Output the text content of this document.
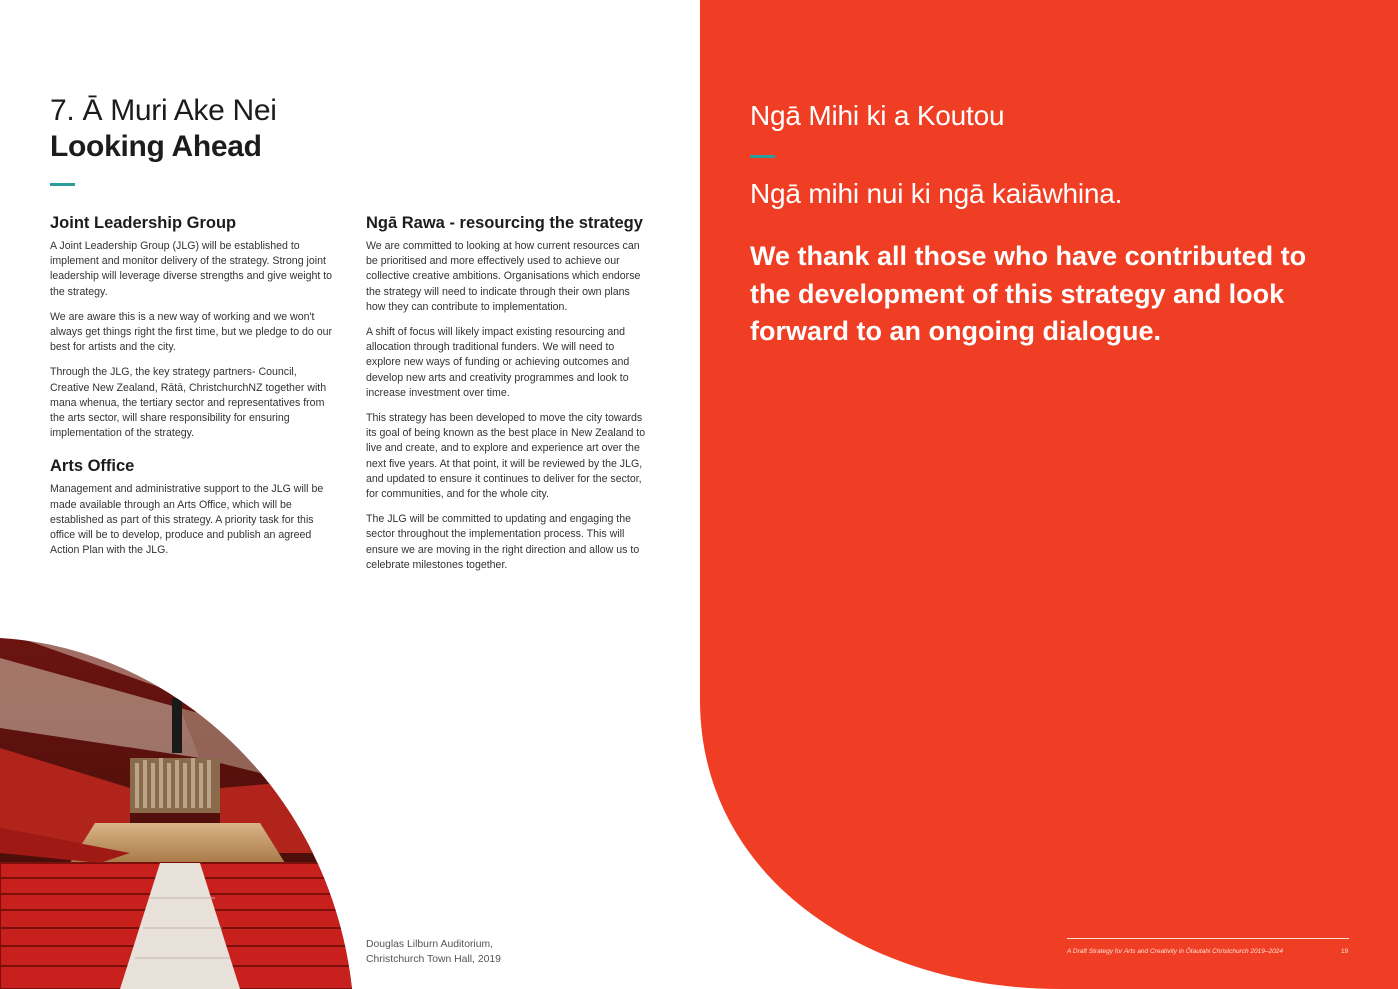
7. Ā Muri Ake Nei
Looking Ahead
Joint Leadership Group

A Joint Leadership Group (JLG) will be established to implement and monitor delivery of the strategy. Strong joint leadership will leverage diverse strengths and give weight to the strategy.

We are aware this is a new way of working and we won't always get things right the first time, but we pledge to do our best for artists and the city.

Through the JLG, the key strategy partners- Council, Creative New Zealand, Rātā, ChristchurchNZ together with mana whenua, the tertiary sector and representatives from the arts sector, will share responsibility for ensuring implementation of the strategy.

Arts Office

Management and administrative support to the JLG will be made available through an Arts Office, which will be established as part of this strategy. A priority task for this office will be to develop, produce and publish an agreed Action Plan with the JLG.

Ngā Rawa - resourcing the strategy

We are committed to looking at how current resources can be prioritised and more effectively used to achieve our collective creative ambitions. Organisations which endorse the strategy will need to indicate through their own plans how they can contribute to implementation.

A shift of focus will likely impact existing resourcing and allocation through traditional funders. We will need to explore new ways of funding or achieving outcomes and develop new arts and creativity programmes and look to increase investment over time.

This strategy has been developed to move the city towards its goal of being known as the best place in New Zealand to live and create, and to explore and experience art over the next five years. At that point, it will be reviewed by the JLG, and updated to ensure it continues to deliver for the sector, for communities, and for the whole city.

The JLG will be committed to updating and engaging the sector throughout the implementation process. This will ensure we are moving in the right direction and allow us to celebrate milestones together.

Douglas Lilburn Auditorium,
Christchurch Town Hall, 2019
Ngā Mihi ki a Koutou
Ngā mihi nui ki ngā kaiāwhina.
We thank all those who have contributed to the development of this strategy and look forward to an ongoing dialogue.
A Draft Strategy for Arts and Creativity in Ōtautahi Christchurch 2019–2024	19
